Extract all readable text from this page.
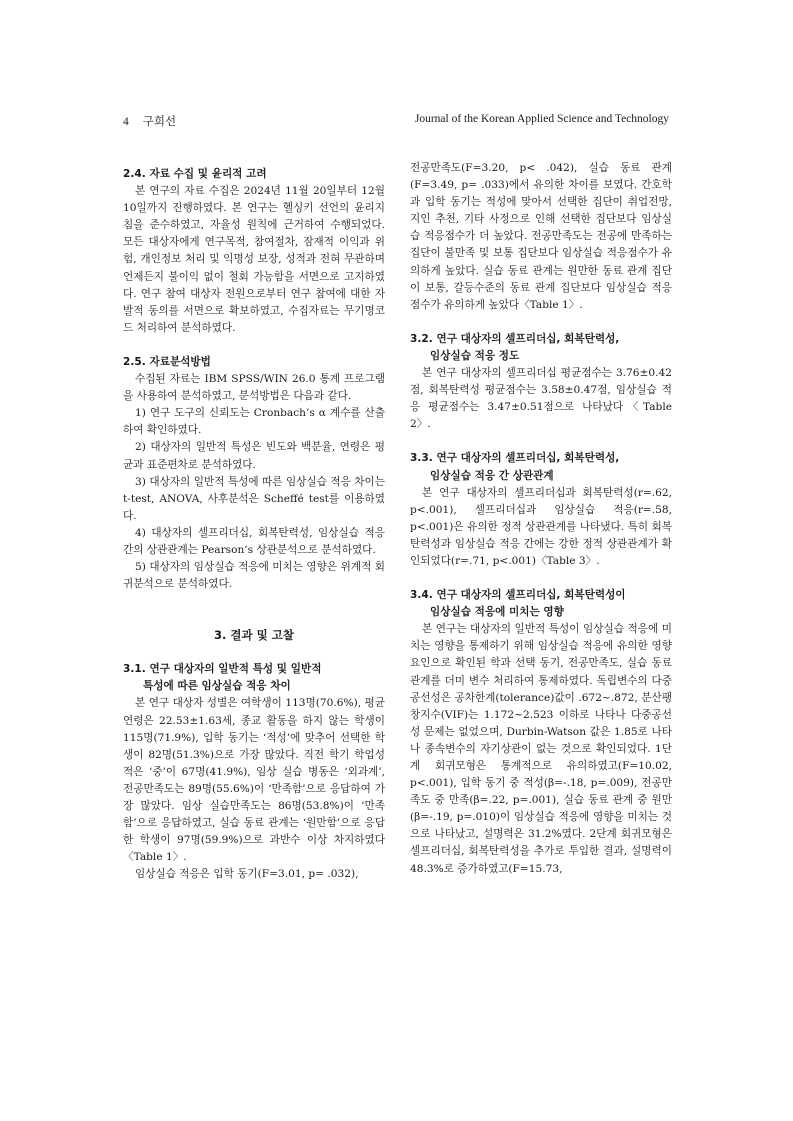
4 구희선	Journal of the Korean Applied Science and Technology
2.4. 자료 수집 및 윤리적 고려

본 연구의 자료 수집은 2024년 11월 20일부터 12월 10일까지 진행하였다. 본 연구는 헬싱키 선언의 윤리지침을 준수하였고, 자율성 원칙에 근거하여 수행되었다. 모든 대상자에게 연구목적, 참여절차, 잠재적 이익과 위험, 개인정보 처리 및 익명성 보장, 성적과 전혀 무관하며 언제든지 불이익 없이 철회 가능함을 서면으로 고지하였다. 연구 참여 대상자 전원으로부터 연구 참여에 대한 자발적 동의를 서면으로 확보하였고, 수집자료는 무기명코드 처리하여 분석하였다.

2.5. 자료분석방법

수집된 자료는 IBM SPSS/WIN 26.0 통계 프로그램을 사용하여 분석하였고, 분석방법은 다음과 같다.

1) 연구 도구의 신뢰도는 Cronbach’s α 계수를 산출하여 확인하였다.

2) 대상자의 일반적 특성은 빈도와 백분율, 연령은 평균과 표준편차로 분석하였다.

3) 대상자의 일반적 특성에 따른 임상실습 적응 차이는 t-test, ANOVA, 사후분석은 Scheffé test를 이용하였다.

4) 대상자의 셀프리더십, 회복탄력성, 임상실습 적응 간의 상관관계는 Pearson’s 상관분석으로 분석하였다.

5) 대상자의 임상실습 적응에 미치는 영향은 위계적 회귀분석으로 분석하였다.

3. 결과 및 고찰
3.1. 연구 대상자의 일반적 특성 및 일반적
특성에 따른 임상실습 적응 차이

본 연구 대상자 성별은 여학생이 113명(70.6%), 평균연령은 22.53±1.63세, 종교 활동을 하지 않는 학생이 115명(71.9%), 입학 동기는 ‘적성’에 맞추어 선택한 학생이 82명(51.3%)으로 가장 많았다. 직전 학기 학업성적은 ‘중’이 67명(41.9%), 임상 실습 병동은 ‘외과계’, 전공만족도는 89명(55.6%)이 ‘만족함’으로 응답하여 가장 많았다. 임상 실습만족도는 86명(53.8%)이 ‘만족함’으로 응답하였고, 실습 동료 관계는 ‘원만함’으로 응답한 학생이 97명(59.9%)으로 과반수 이상 차지하였다〈Table 1〉.

임상실습 적응은 입학 동기(F=3.01, p= .032),

전공만족도(F=3.20, p< .042), 실습 동료 관계(F=3.49, p= .033)에서 유의한 차이를 보였다. 간호학과 입학 동기는 적성에 맞아서 선택한 집단이 취업전망, 지인 추천, 기타 사정으로 인해 선택한 집단보다 임상실습 적응점수가 더 높았다. 전공만족도는 전공에 만족하는 집단이 불만족 및 보통 집단보다 임상실습 적응점수가 유의하게 높았다. 실습 동료 관계는 원만한 동료 관계 집단이 보통, 갈등수준의 동료 관계 집단보다 임상실습 적응점수가 유의하게 높았다〈Table 1〉.

3.2. 연구 대상자의 셀프리더십, 회복탄력성,
임상실습 적응 정도

본 연구 대상자의 셀프리더십 평균점수는 3.76±0.42점, 회복탄력성 평균점수는 3.58±0.47점, 임상실습 적응 평균점수는 3.47±0.51점으로 나타났다〈Table 2〉.

3.3. 연구 대상자의 셀프리더십, 회복탄력성,
임상실습 적응 간 상관관계

본 연구 대상자의 셀프리더십과 회복탄력성(r=.62, p<.001), 셀프리더십과 임상실습 적응(r=.58, p<.001)은 유의한 정적 상관관계를 나타냈다. 특히 회복탄력성과 임상실습 적응 간에는 강한 정적 상관관계가 확인되었다(r=.71, p<.001)〈Table 3〉.

3.4. 연구 대상자의 셀프리더십, 회복탄력성이
임상실습 적응에 미치는 영향

본 연구는 대상자의 일반적 특성이 임상실습 적응에 미치는 영향을 통제하기 위해 임상실습 적응에 유의한 영향요인으로 확인된 학과 선택 동기, 전공만족도, 실습 동료 관계를 더미 변수 처리하여 통제하였다. 독립변수의 다중공선성은 공차한계(tolerance)값이 .672~.872, 분산팽창지수(VIF)는 1.172~2.523 이하로 나타나 다중공선성 문제는 없었으며, Durbin-Watson 값은 1.85로 나타나 종속변수의 자기상관이 없는 것으로 확인되었다. 1단계 회귀모형은 통계적으로 유의하였고(F=10.02, p<.001), 입학 동기 중 적성(β=-.18, p=.009), 전공만족도 중 만족(β=.22, p=.001), 실습 동료 관계 중 원만(β=-.19, p=.010)이 임상실습 적응에 영향을 미치는 것으로 나타났고, 설명력은 31.2%였다. 2단계 회귀모형은 셀프리더십, 회복탄력성을 추가로 투입한 결과, 설명력이 48.3%로 증가하였고(F=15.73,
